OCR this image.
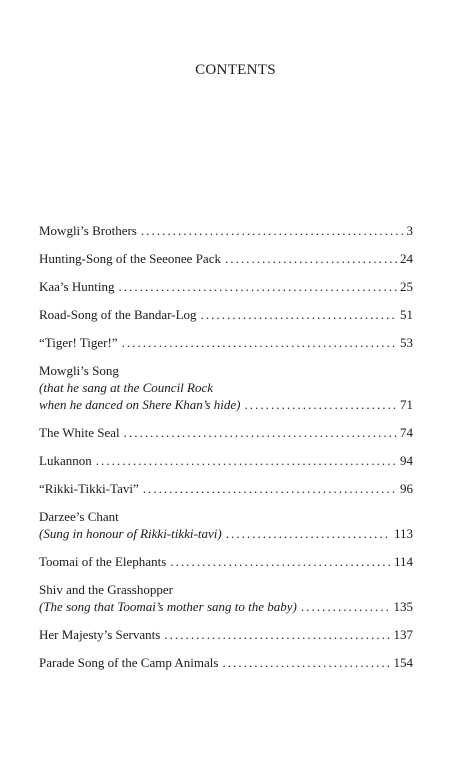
CONTENTS
Mowgli’s Brothers . . .	3
Hunting-Song of the Seeonee Pack . . .	24
Kaa’s Hunting . . .	25
Road-Song of the Bandar-Log . . .	51
“Tiger! Tiger!” . . .	53
Mowgli’s Song
(that he sang at the Council Rock
when he danced on Shere Khan’s hide) . . .	71
The White Seal . . .	74
Lukannon . . .	94
“Rikki-Tikki-Tavi” . . .	96
Darzee’s Chant
(Sung in honour of Rikki-tikki-tavi) . . .	113
Toomai of the Elephants . . .	114
Shiv and the Grasshopper
(The song that Toomai’s mother sang to the baby) . . .	135
Her Majesty’s Servants . . .	137
Parade Song of the Camp Animals . . .	154
